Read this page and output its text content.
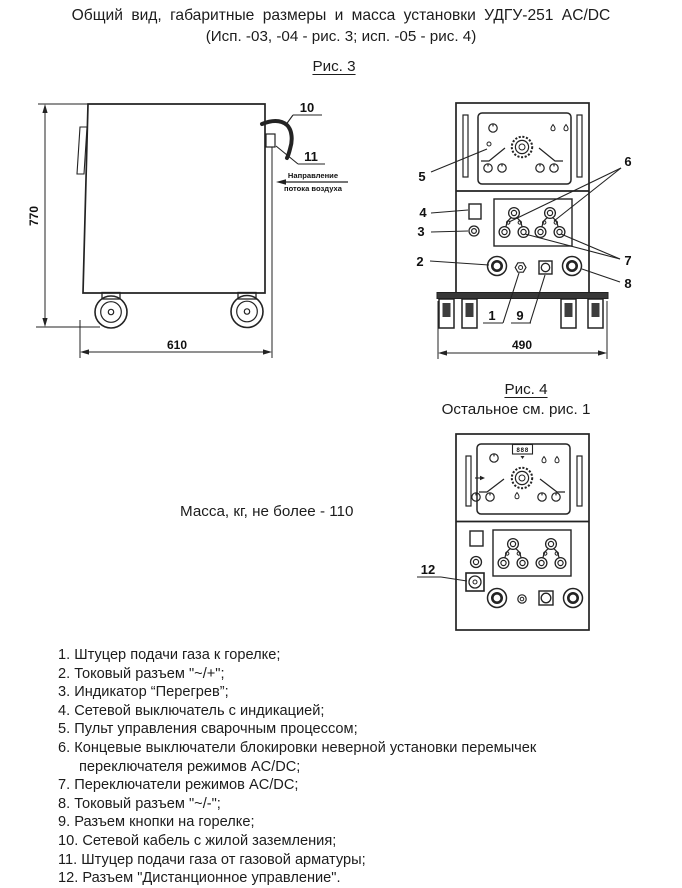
Общий вид, габаритные размеры и масса установки УДГУ-251 AC/DC
(Исп. -03, -04 - рис. 3; исп. -05 - рис. 4)
Рис. 3
10
11
Направление
потока воздуха
770
610	490
5
4
3
2
6
7
8
1 9
Рис. 4
Остальное см. рис. 1
888
12
Масса, кг, не более - 110
1. Штуцер подачи газа к горелке;
2. Токовый разъем "~/+";
3. Индикатор “Перегрев”;
4. Сетевой выключатель с индикацией;
5. Пульт управления сварочным процессом;
6. Концевые выключатели блокировки неверной установки перемычек переключателя режимов AC/DC;
7. Переключатели режимов AC/DC;
8. Токовый разъем "~/-";
9. Разъем кнопки на горелке;
10. Сетевой кабель с жилой заземления;
11. Штуцер подачи газа от газовой арматуры;
12. Разъем "Дистанционное управление".
